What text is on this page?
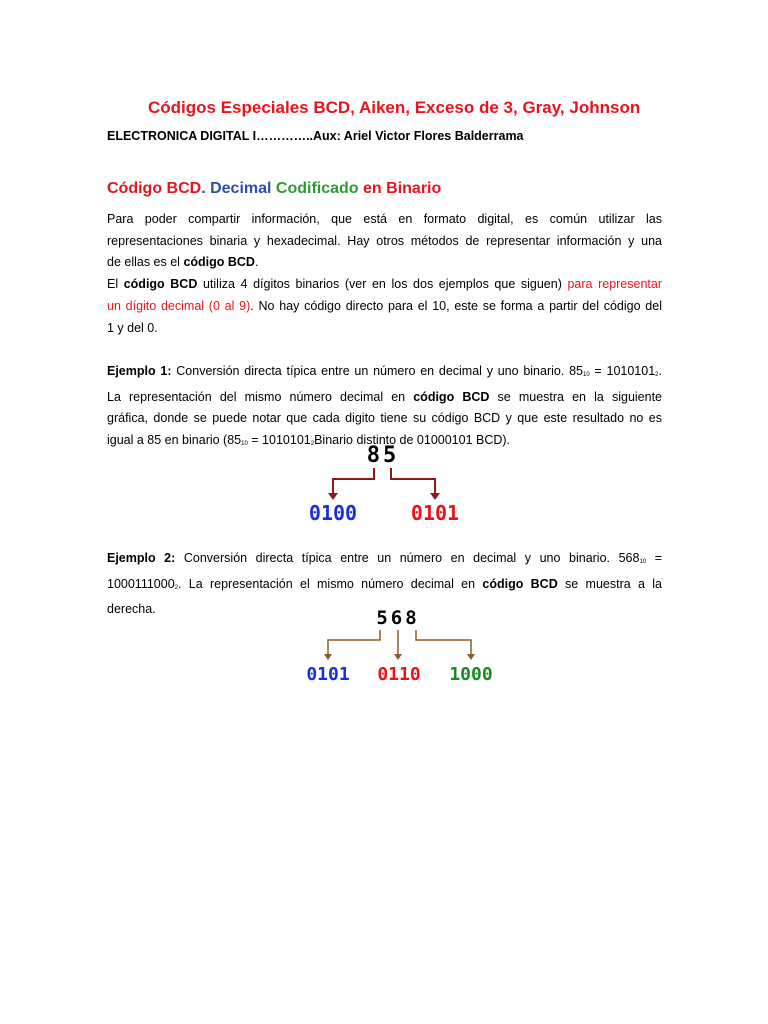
Códigos Especiales BCD, Aiken, Exceso de 3, Gray, Johnson
ELECTRONICA DIGITAL I…………..Aux: Ariel Victor Flores Balderrama
Código BCD. Decimal Codificado en Binario
Para poder compartir información, que está en formato digital, es común utilizar las
representaciones binaria y hexadecimal. Hay otros métodos de representar información y una
de ellas es el código BCD.
El código BCD utiliza 4 dígitos binarios (ver en los dos ejemplos que siguen) para representar
un dígito decimal (0 al 9). No hay código directo para el 10, este se forma a partir del código del
1 y del 0.
Ejemplo 1: Conversión directa típica entre un número en decimal y uno binario. $85_{10} = 1010101_2$.
La representación del mismo número decimal en código BCD se muestra en la siguiente
gráfica, donde se puede notar que cada digito tiene su código BCD y que este resultado no es
igual a 85 en binario ($85_{10}$ = $1010101_2Binario$ distinto de 01000101 BCD).
85
0100	0101
Ejemplo 2: Conversión directa típica entre un número en decimal y uno binario. $568_{10}$ =
$1000111000_2$. La representación el mismo número decimal en código BCD se muestra a la
derecha.	568
0101 0110 1000
